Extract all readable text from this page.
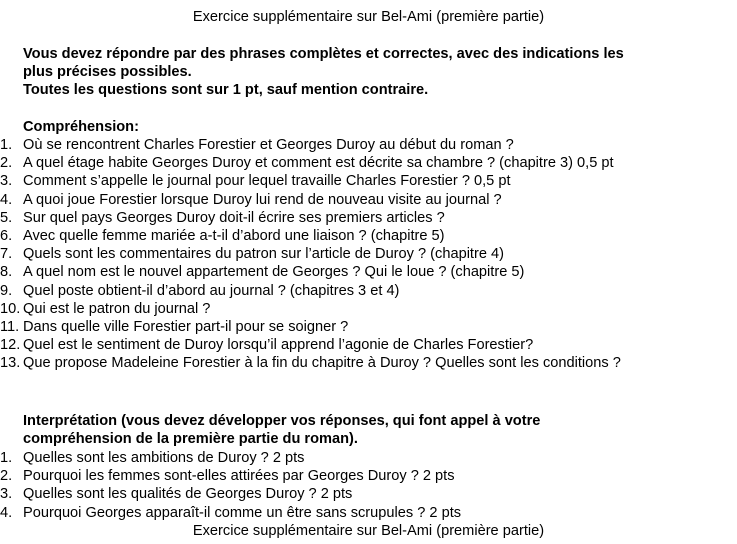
Exercice supplémentaire sur Bel-Ami (première partie)
Vous devez répondre par des phrases complètes et correctes, avec des indications les
plus précises possibles.
Toutes les questions sont sur 1 pt, sauf mention contraire.
Compréhension:
1. Où se rencontrent Charles Forestier et Georges Duroy au début du roman ?
2. A quel étage habite Georges Duroy et comment est décrite sa chambre ? (chapitre 3) 0,5 pt
3. Comment s’appelle le journal pour lequel travaille Charles Forestier ? 0,5 pt
4. A quoi joue Forestier lorsque Duroy lui rend de nouveau visite au journal ?
5. Sur quel pays Georges Duroy doit-il écrire ses premiers articles ?
6. Avec quelle femme mariée a-t-il d’abord une liaison ? (chapitre 5)
7. Quels sont les commentaires du patron sur l’article de Duroy ? (chapitre 4)
8. A quel nom est le nouvel appartement de Georges ? Qui le loue ? (chapitre 5)
9. Quel poste obtient-il d’abord au journal ? (chapitres 3 et 4)
10. Qui est le patron du journal ?
11. Dans quelle ville Forestier part-il pour se soigner ?
12. Quel est le sentiment de Duroy lorsqu’il apprend l’agonie de Charles Forestier?
13. Que propose Madeleine Forestier à la fin du chapitre à Duroy ? Quelles sont les conditions ?
Interprétation (vous devez développer vos réponses, qui font appel à votre
compréhension de la première partie du roman).
1. Quelles sont les ambitions de Duroy ? 2 pts
2. Pourquoi les femmes sont-elles attirées par Georges Duroy ? 2 pts
3. Quelles sont les qualités de Georges Duroy ? 2 pts
4. Pourquoi Georges apparaît-il comme un être sans scrupules ? 2 pts
Exercice supplémentaire sur Bel-Ami (première partie)
